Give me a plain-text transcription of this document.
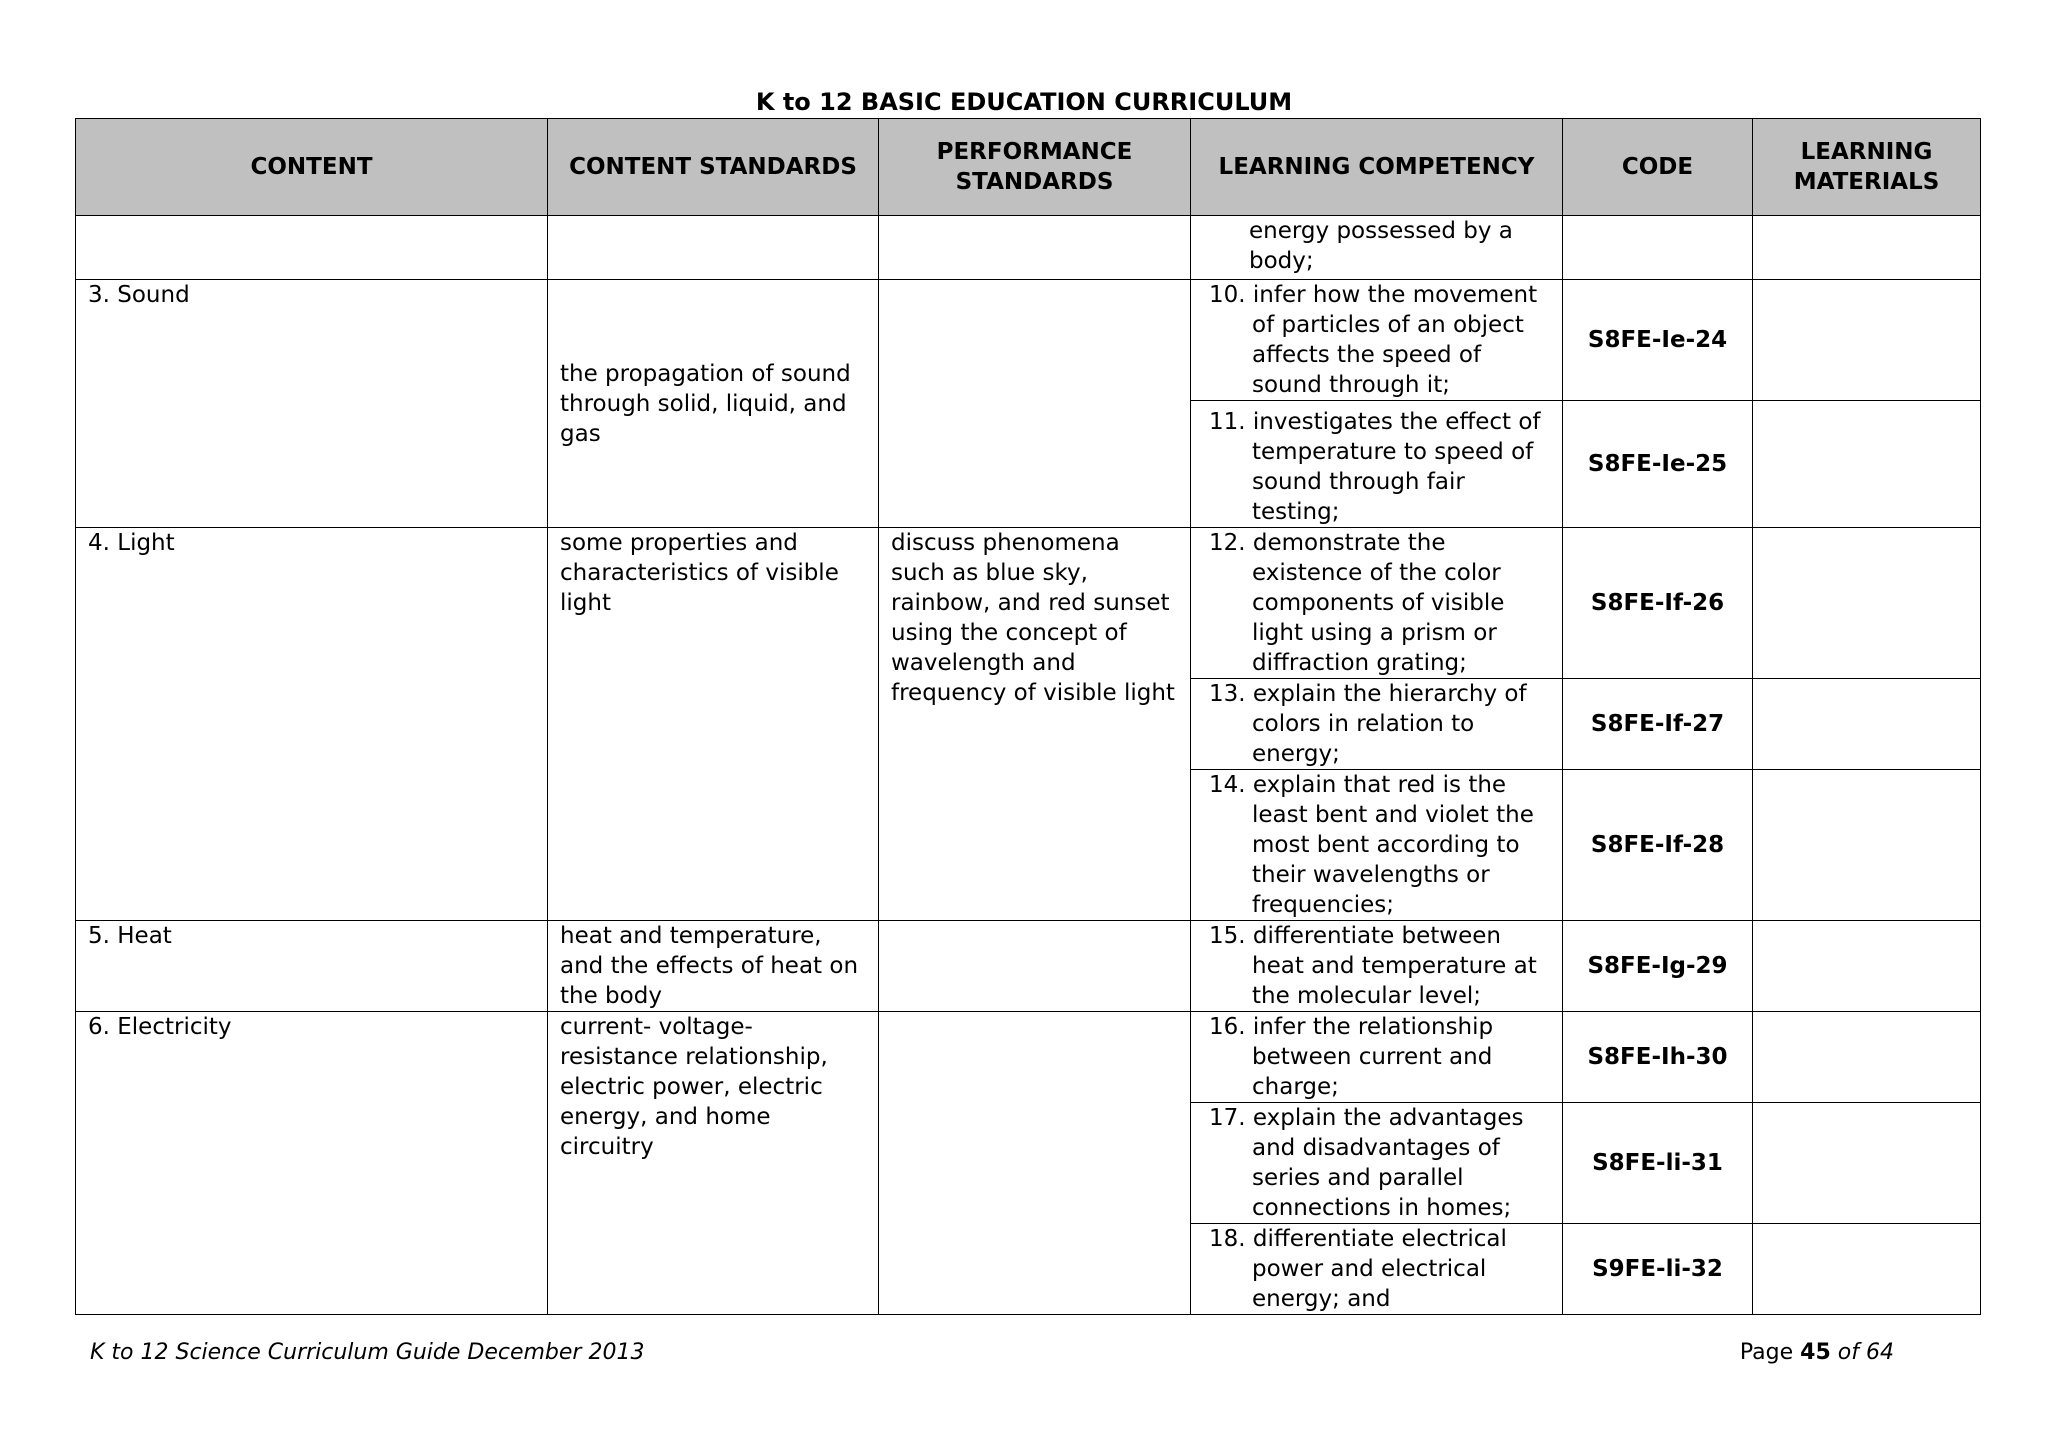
K to 12 BASIC EDUCATION CURRICULUM
CONTENT	CONTENT STANDARDS	PERFORMANCE STANDARDS	LEARNING COMPETENCY	CODE	LEARNING MATERIALS

			energy possessed by a body;		

3. Sound	the propagation of sound through solid, liquid, and gas		10. infer how the movement of particles of an object affects the speed of sound through it;	S8FE-Ie-24	

			11. investigates the effect of temperature to speed of sound through fair testing;	S8FE-Ie-25	
4. Light	some properties and characteristics of visible light	discuss phenomena such as blue sky, rainbow, and red sunset using the concept of wavelength and frequency of visible light	12. demonstrate the existence of the color components of visible light using a prism or diffraction grating;	S8FE-If-26	

			13. explain the hierarchy of colors in relation to energy;	S8FE-If-27	

			14. explain that red is the least bent and violet the most bent according to their wavelengths or frequencies;	S8FE-If-28	
5. Heat	heat and temperature, and the effects of heat on the body		15. differentiate between heat and temperature at the molecular level;	S8FE-Ig-29	
6. Electricity	current- voltage-resistance relationship, electric power, electric energy, and home circuitry		16. infer the relationship between current and charge;	S8FE-Ih-30	

			17. explain the advantages and disadvantages of series and parallel connections in homes;	S8FE-li-31	

			18. differentiate electrical power and electrical energy; and	S9FE-li-32	
K to 12 Science Curriculum Guide December 2013	Page 45 of 64
